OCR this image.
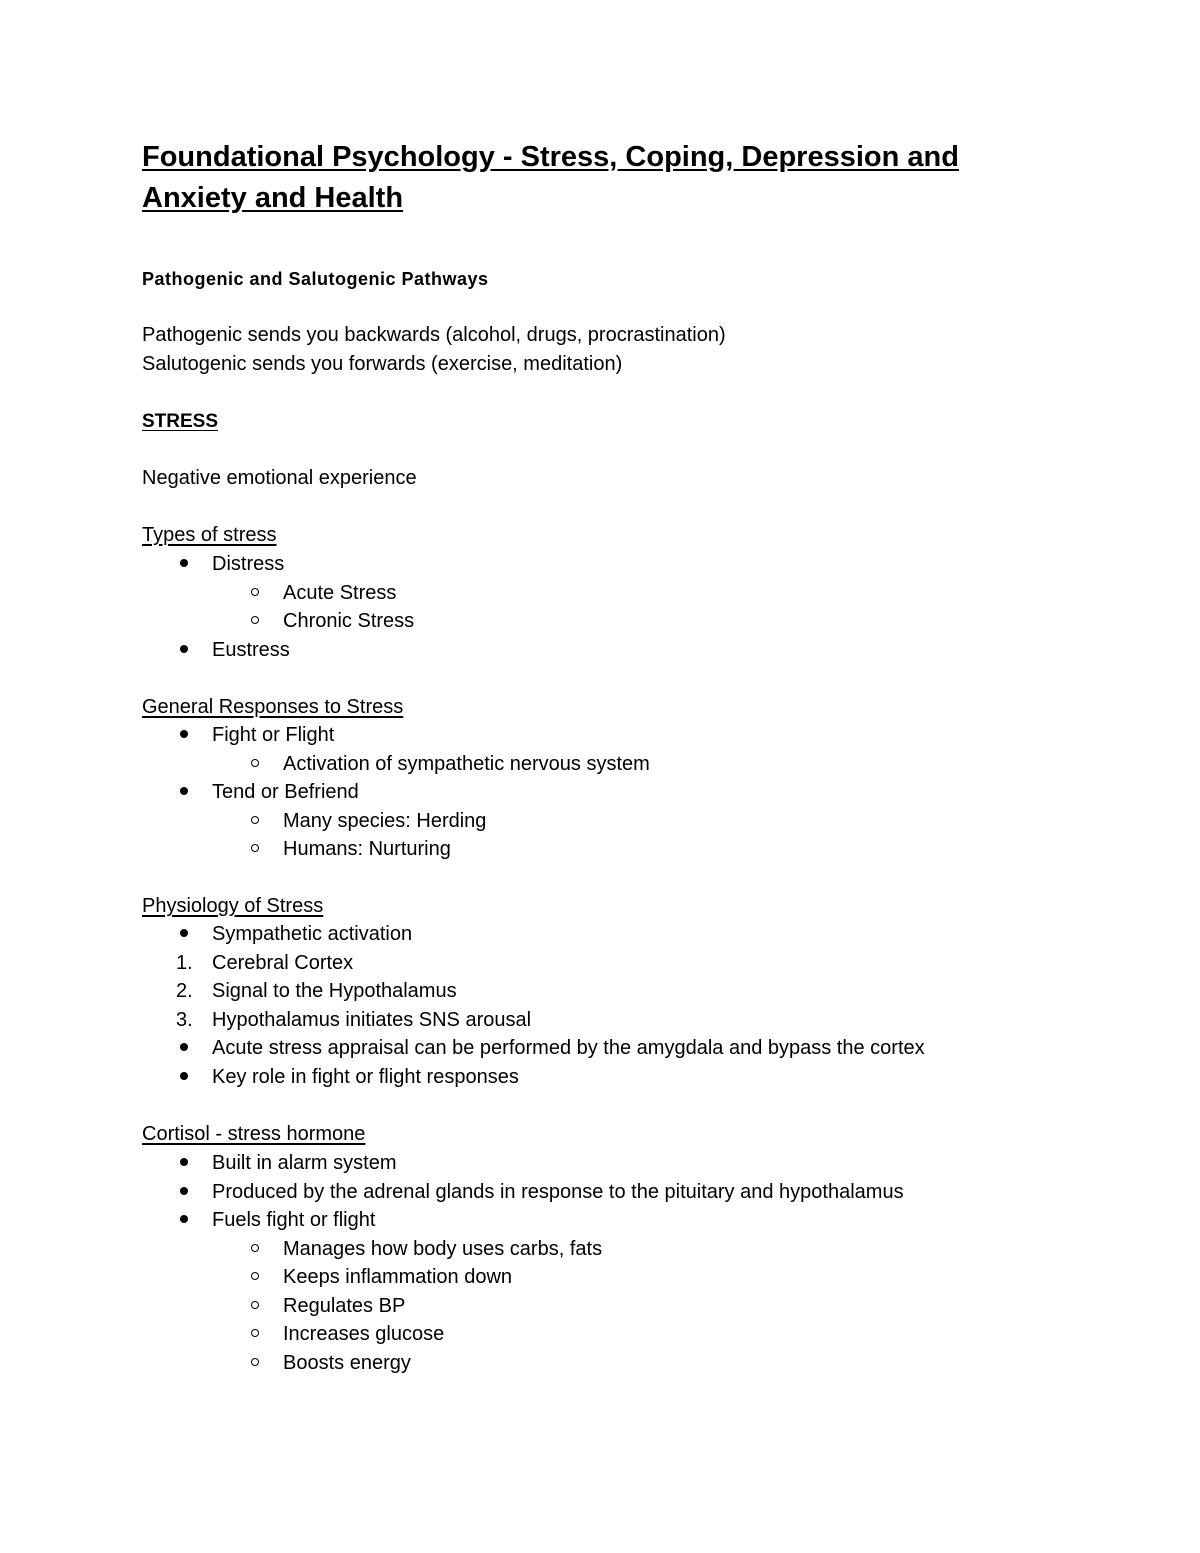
Foundational Psychology - Stress, Coping, Depression and Anxiety and Health
Pathogenic and Salutogenic Pathways

Pathogenic sends you backwards (alcohol, drugs, procrastination)

Salutogenic sends you forwards (exercise, meditation)

STRESS

Negative emotional experience

Types of stress

Distress
Acute Stress
Chronic Stress
Eustress

General Responses to Stress

Fight or Flight
Activation of sympathetic nervous system
Tend or Befriend
Many species: Herding
Humans: Nurturing

Physiology of Stress

Sympathetic activation
1. Cerebral Cortex
2. Signal to the Hypothalamus
3. Hypothalamus initiates SNS arousal
Acute stress appraisal can be performed by the amygdala and bypass the cortex
Key role in fight or flight responses

Cortisol - stress hormone

Built in alarm system
Produced by the adrenal glands in response to the pituitary and hypothalamus
Fuels fight or flight
Manages how body uses carbs, fats
Keeps inflammation down
Regulates BP
Increases glucose
Boosts energy
